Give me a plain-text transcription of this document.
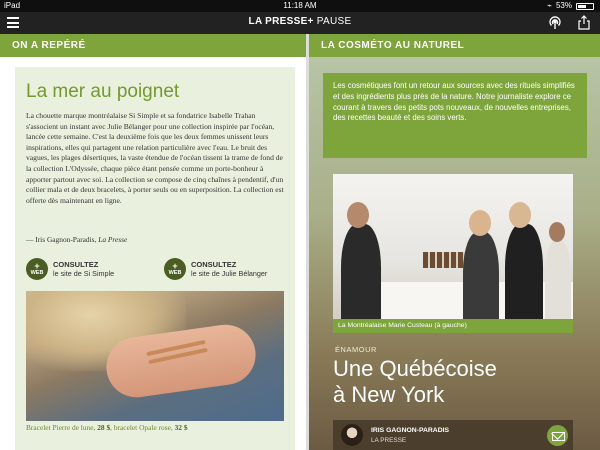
iPad	11:18 AM	⌁ 53%
LA PRESSE+ PAUSE
ON A REPÉRÉ	LA COSMÉTO AU NATUREL
La mer au poignet
La chouette marque montréalaise Si Simple et sa fondatrice Isabelle Trahan s'associent un instant avec Julie Bélanger pour une collection inspirée par l'océan, lancée cette semaine. C'est la deuxième fois que les deux femmes unissent leurs inspirations, elles qui partagent une relation particulière avec l'eau. Le bruit des vagues, les plages désertiques, la vaste étendue de l'océan tissent la trame de fond de la collection L'Odyssée, chaque pièce étant pensée comme un porte-bonheur à apporter partout avec soi. La collection se compose de cinq chaînes à pendentif, d'un collier mala et de deux bracelets, à porter seuls ou en superposition. La collection est offerte dès maintenant en ligne.
— Iris Gagnon-Paradis, La Presse
+
WEB
CONSULTEZ
le site de Si Simple
+
WEB
CONSULTEZ
le site de Julie Bélanger
Bracelet Pierre de lune, 28 $, bracelet Opale rose, 32 $
Les cosmétiques font un retour aux sources avec des rituels simplifiés et des ingrédients plus près de la nature. Notre journaliste explore ce courant à travers des petits pots nouveaux, de nouvelles entreprises, des recettes beauté et des soins verts.
La Montréalaise Marie Custeau (à gauche)
ÉNAMOUR
Une Québécoise
à New York
IRIS GAGNON-PARADIS
LA PRESSE
